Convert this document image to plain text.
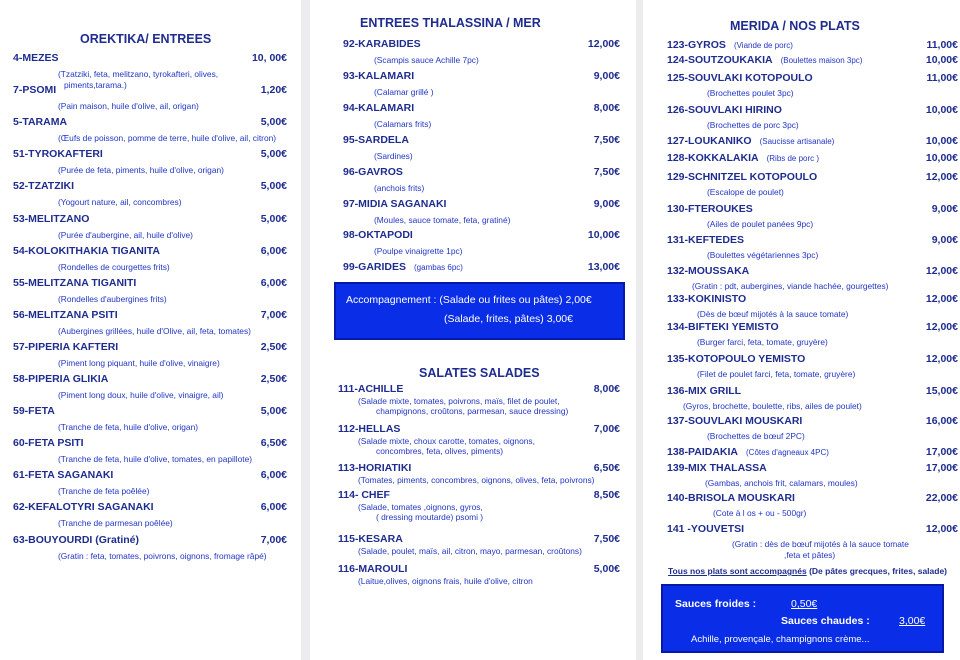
OREKTIKA/ ENTREES
ENTREES THALASSINA / MER
SALATES SALADES
MERIDA / NOS PLATS
4-MEZES	10, 00€
(Tzatziki, feta, melitzano, tyrokafteri, olives,
piments,tarama.)
7-PSOMI	1,20€
(Pain maison, huile d'olive, ail, origan)
5-TARAMA	5,00€
(Œufs de poisson, pomme de terre, huile d'olive, ail, citron)
51-TYROKAFTERI	5,00€
(Purée de feta, piments, huile d'olive, origan)
52-TZATZIKI	5,00€
(Yogourt nature, ail, concombres)
53-MELITZANO	5,00€
(Purée d'aubergine, ail, huile d'olive)
54-KOLOKITHAKIA TIGANITA	6,00€
(Rondelles de courgettes frits)
55-MELITZANA TIGANITI	6,00€
(Rondelles d'aubergines frits)
56-MELITZANA PSITI	7,00€
(Aubergines grillées, huile d'Olive, ail, feta, tomates)
57-PIPERIA KAFTERI	2,50€
(Piment long piquant, huile d'olive, vinaigre)
58-PIPERIA GLIKIA	2,50€
(Piment long doux, huile d'olive, vinaigre, ail)
59-FETA	5,00€
(Tranche de feta, huile d'olive, origan)
60-FETA PSITI	6,50€
(Tranche de feta, huile d'olive, tomates, en papillote)
61-FETA SAGANAKI	6,00€
(Tranche de feta poêlée)
62-KEFALOTYRI SAGANAKI	6,00€
(Tranche de parmesan poêlée)
63-BOUYOURDI (Gratiné)	7,00€
(Gratin : feta, tomates, poivrons, oignons, fromage râpé)
92-KARABIDES	12,00€
(Scampis sauce Achille 7pc)
93-KALAMARI	9,00€
(Calamar grillé )
94-KALAMARI	8,00€
(Calamars frits)
95-SARDELA	7,50€
(Sardines)
96-GAVROS	7,50€
(anchois frits)
97-MIDIA SAGANAKI	9,00€
(Moules, sauce tomate, feta, gratiné)
98-OKTAPODI	10,00€
(Poulpe vinaigrette 1pc)
99-GARIDES (gambas 6pc)	13,00€
111-ACHILLE	8,00€
(Salade mixte, tomates, poivrons, maïs, filet de poulet,
champignons, croûtons, parmesan, sauce dressing)
112-HELLAS	7,00€
(Salade mixte, choux carotte, tomates, oignons,
concombres, feta, olives, piments)
113-HORIATIKI	6,50€
(Tomates, piments, concombres, oignons, olives, feta, poivrons)
114- CHEF	8,50€
(Salade, tomates ,oignons, gyros,
( dressing moutarde) psomi )
115-KESARA	7,50€
(Salade, poulet, maïs, ail, citron, mayo, parmesan, croûtons)
116-MAROULI	5,00€
(Laitue,olives, oignons frais, huile d'olive, citron
123-GYROS (Viande de porc)	11,00€
124-SOUTZOUKAKIA (Boulettes maison 3pc)	10,00€
125-SOUVLAKI KOTOPOULO	11,00€
(Brochettes poulet 3pc)
126-SOUVLAKI HIRINO	10,00€
(Brochettes de porc 3pc)
127-LOUKANIKO (Saucisse artisanale)	10,00€
128-KOKKALAKIA (Ribs de porc )	10,00€
129-SCHNITZEL KOTOPOULO	12,00€
(Escalope de poulet)
130-FTEROUKES	9,00€
(Ailes de poulet panées 9pc)
131-KEFTEDES	9,00€
(Boulettes végétariennes 3pc)
132-MOUSSAKA	12,00€
(Gratin : pdt, aubergines, viande hachée, gourgettes)
133-KOKINISTO	12,00€
(Dès de bœuf mijotés à la sauce tomate)
134-BIFTEKI YEMISTO	12,00€
(Burger farci, feta, tomate, gruyère)
135-KOTOPOULO YEMISTO	12,00€
(Filet de poulet farci, feta, tomate, gruyère)
136-MIX GRILL	15,00€
(Gyros, brochette, boulette, ribs, ailes de poulet)
137-SOUVLAKI MOUSKARI	16,00€
(Brochettes de bœuf 2PC)
138-PAIDAKIA (Côtes d'agneaux 4PC)	17,00€
139-MIX THALASSA	17,00€
(Gambas, anchois frit, calamars, moules)
140-BRISOLA MOUSKARI	22,00€
(Cote à l os + ou - 500gr)
141 -YOUVETSI	12,00€
(Gratin : dès de bœuf mijotés à la sauce tomate
,feta et pâtes)
Accompagnement : (Salade ou frites ou pâtes) 2,00€
(Salade, frites, pâtes) 3,00€
Tous nos plats sont accompagnés (De pâtes grecques, frites, salade)
Sauces froides :	0,50€
Sauces chaudes :	3,00€
Achille, provençale, champignons crème...
